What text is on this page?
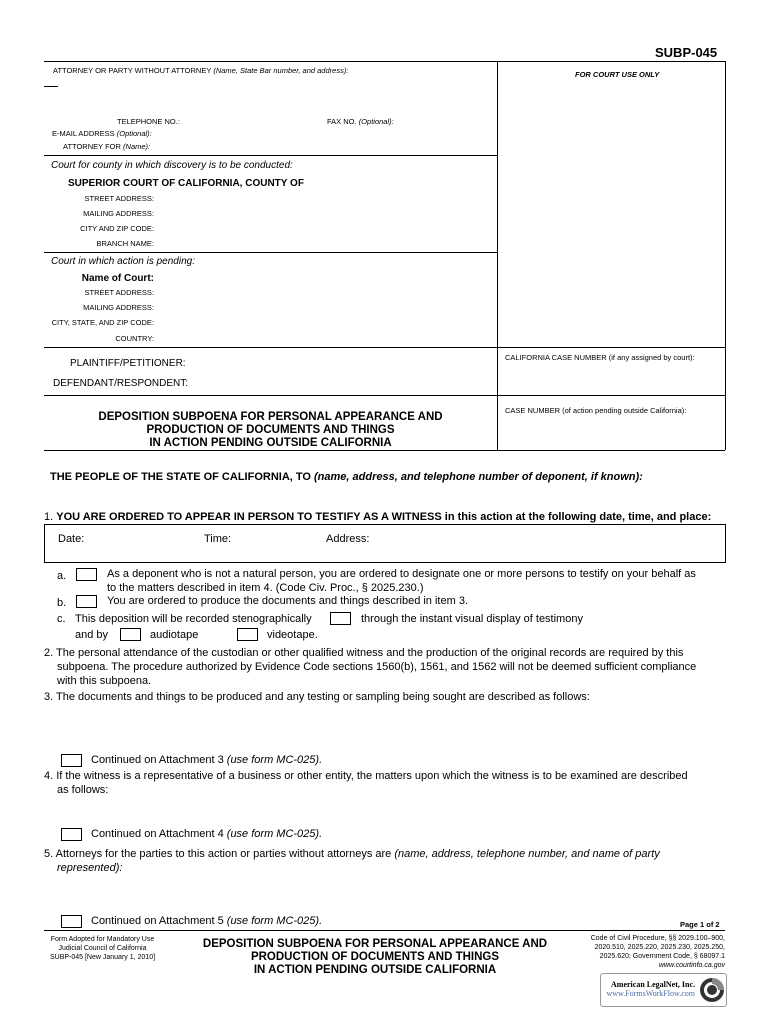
SUBP-045
ATTORNEY OR PARTY WITHOUT ATTORNEY (Name, State Bar number, and address):	FOR COURT USE ONLY
TELEPHONE NO.:	FAX NO. (Optional):
E-MAIL ADDRESS (Optional):
ATTORNEY FOR (Name):
Court for county in which discovery is to be conducted:
SUPERIOR COURT OF CALIFORNIA, COUNTY OF
STREET ADDRESS:
MAILING ADDRESS:
CITY AND ZIP CODE:
BRANCH NAME:
Court in which action is pending:
Name of Court:
STREET ADDRESS:
MAILING ADDRESS:
CITY, STATE, AND ZIP CODE:
COUNTRY:
PLAINTIFF/PETITIONER:
DEFENDANT/RESPONDENT:
CALIFORNIA CASE NUMBER (if any assigned by court):
CASE NUMBER (of action pending outside California):
DEPOSITION SUBPOENA FOR PERSONAL APPEARANCE AND
PRODUCTION OF DOCUMENTS AND THINGS
IN ACTION PENDING OUTSIDE CALIFORNIA
THE PEOPLE OF THE STATE OF CALIFORNIA, TO (name, address, and telephone number of deponent, if known):
1. YOU ARE ORDERED TO APPEAR IN PERSON TO TESTIFY AS A WITNESS in this action at the following date, time, and place:
Date:	Time:	Address:
a.	As a deponent who is not a natural person, you are ordered to designate one or more persons to testify on your behalf as
to the matters described in item 4. (Code Civ. Proc., § 2025.230.)
b.	You are ordered to produce the documents and things described in item 3.
c. This deposition will be recorded stenographically	through the instant visual display of testimony
and by	audiotape	videotape.
2. The personal attendance of the custodian or other qualified witness and the production of the original records are required by this
subpoena. The procedure authorized by Evidence Code sections 1560(b), 1561, and 1562 will not be deemed sufficient compliance
with this subpoena.
3. The documents and things to be produced and any testing or sampling being sought are described as follows:
Continued on Attachment 3 (use form MC-025).
4. If the witness is a representative of a business or other entity, the matters upon which the witness is to be examined are described
as follows:
Continued on Attachment 4 (use form MC-025).
5. Attorneys for the parties to this action or parties without attorneys are (name, address, telephone number, and name of party
represented):
Continued on Attachment 5 (use form MC-025).	Page 1 of 2
Form Adopted for Mandatory Use
Judicial Council of California
SUBP-045 [New January 1, 2010]
DEPOSITION SUBPOENA FOR PERSONAL APPEARANCE AND
PRODUCTION OF DOCUMENTS AND THINGS
IN ACTION PENDING OUTSIDE CALIFORNIA
Code of Civil Procedure, §§ 2029.100–900,
2020.510, 2025.220, 2025.230, 2025.250,
2025.620; Government Code, § 68097.1
www.courtinfo.ca.gov
American LegalNet, Inc.
www.FormsWorkFlow.com
